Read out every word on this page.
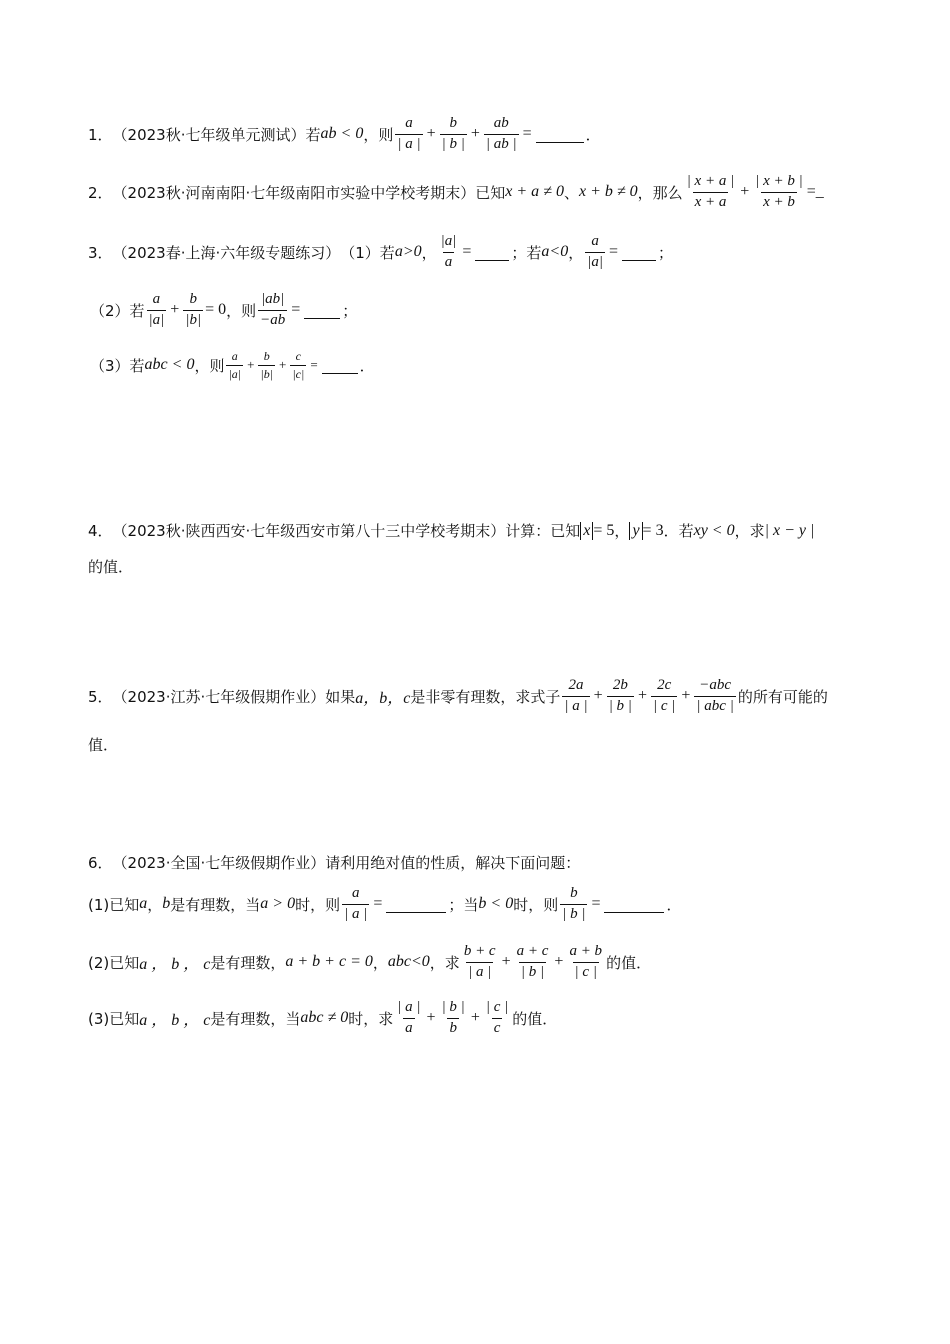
1． （2023秋·七年级单元测试） 若 ab < 0 ，则 $\frac{a}{| a |} + \frac{b}{| b |} + \frac{ab}{| ab |}$ =	．
2． （2023秋·河南南阳·七年级南阳市实验中学校考期末） 已知 x + a ≠ 0 、 x + b ≠ 0 ，那么 $\frac{| x + a |}{x + a} + \frac{| x + b |}{x + b}$ =_
3． （2023春·上海·六年级专题练习） （1）若 a>0 ， $\frac{|a|}{a}$ =	；若 a<0 ， $\frac{a}{|a|}$ =	；
（2）若 $\frac{a}{|a|} + \frac{b}{|b|} = 0$ ，则 $\frac{|ab|}{-ab}$ =	；
（3）若 abc < 0 ，则 $\frac{a}{|a|} + \frac{b}{|b|} + \frac{c}{|c|}$ =	．
4． （2023秋·陕西西安·七年级西安市第八十三中学校考期末） 计算：已知 x = 5 ， y = 3 ．若 xy < 0 ，求 | x − y |
的值．
5． （2023·江苏·七年级假期作业） 如果 a，b，c 是非零有理数，求式子 $\frac{2a}{| a |} + \frac{2b}{| b |} + \frac{2c}{| c |} + \frac{\text{−abc}}{\text{| abc |}}$ 的所有可能的
值．
6． （2023·全国·七年级假期作业） 请利用绝对值的性质，解决下面问题：
(1)已知 a ， b 是有理数，当 a > 0 时，则 $\frac{a}{| a |}$ =	；当 b < 0 时，则 $\frac{b}{| b |}$ =	．
(2)已知 a ， b ， c 是有理数， a + b + c = 0 ， abc<0 ，求 $\frac{b + c}{| a |} + \frac{a + c}{| b |} + \frac{a + b}{| c |}$ 的值．
(3)已知 a ， b ， c 是有理数，当 abc ≠ 0 时，求 $\frac{| a |}{a} + \frac{| b |}{b} + \frac{| c |}{c}$ 的值．
